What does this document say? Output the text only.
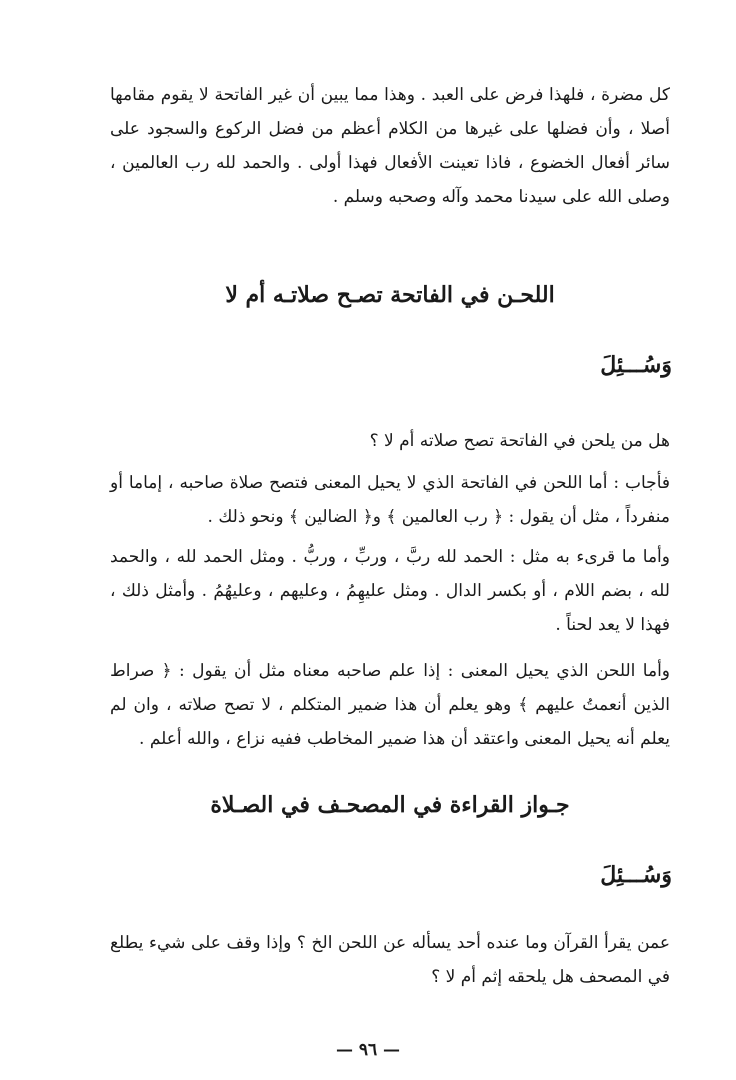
كل مضرة ، فلهذا فرض على العبد . وهذا مما يبين أن غير الفاتحة لا يقوم مقامها أصلا ، وأن فضلها على غيرها من الكلام أعظم من فضل الركوع والسجود على سائر أفعال الخضوع ، فاذا تعينت الأفعال فهذا أولى . والحمد لله رب العالمين ، وصلى الله على سيدنا محمد وآله وصحبه وسلم .

اللحـن في الفاتحة تصـح صلاتـه أم لا
وَسُـــئِلَ

هل من يلحن في الفاتحة تصح صلاته أم لا ؟

فأجاب : أما اللحن في الفاتحة الذي لا يحيل المعنى فتصح صلاة صاحبه ، إماما أو منفرداً ، مثل أن يقول : ﴿ رب العالمين ﴾ و﴿ الضالين ﴾ ونحو ذلك .

وأما ما قرىء به مثل : الحمد لله ربَّ ، وربِّ ، وربُّ . ومثل الحمد لله ، والحمد لله ، بضم اللام ، أو بكسر الدال . ومثل عليهِمُ ، وعليهم ، وعليهُمُ . وأمثل ذلك ، فهذا لا يعد لحناً .

وأما اللحن الذي يحيل المعنى : إذا علم صاحبه معناه مثل أن يقول : ﴿ صراط الذين أنعمتُ عليهم ﴾ وهو يعلم أن هذا ضمير المتكلم ، لا تصح صلاته ، وان لم يعلم أنه يحيل المعنى واعتقد أن هذا ضمير المخاطب ففيه نزاع ، والله أعلم .

جـواز القراءة في المصحـف في الصـلاة
وَسُـــئِلَ

عمن يقرأ القرآن وما عنده أحد يسأله عن اللحن الخ ؟ وإذا وقف على شيء يطلع في المصحف هل يلحقه إثم أم لا ؟

— ٩٦ —
